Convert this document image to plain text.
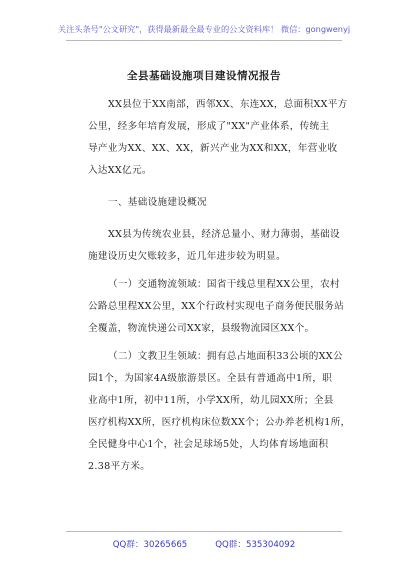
关注头条号"公文研究"，获得最新最全最专业的公文资料库！ 微信：gongwenyj
全县基础设施项目建设情况报告
XX县位于XX南部，西邻XX、东连XX，总面积XX平方
公里，经多年培育发展，形成了"XX"产业体系，传统主
导产业为XX、XX、XX，新兴产业为XX和XX，年营业收
入达XX亿元。
一、基础设施建设概况
XX县为传统农业县，经济总量小、财力薄弱，基础设
施建设历史欠账较多，近几年进步较为明显。
（一）交通物流领域：国省干线总里程XX公里，农村
公路总里程XX公里，XX个行政村实现电子商务便民服务站
全覆盖，物流快递公司XX家，县级物流园区XX个。
（二）文教卫生领域：拥有总占地面积33公顷的XX公
园1个，为国家4A级旅游景区。全县有普通高中1所，职
业高中1所，初中11所，小学XX所，幼儿园XX所；全县
医疗机构XX所，医疗机构床位数XX个；公办养老机构1所，
全民健身中心1个，社会足球场5处，人均体育场地面积
2.38平方米。
QQ群：30265665	QQ群：535304092
